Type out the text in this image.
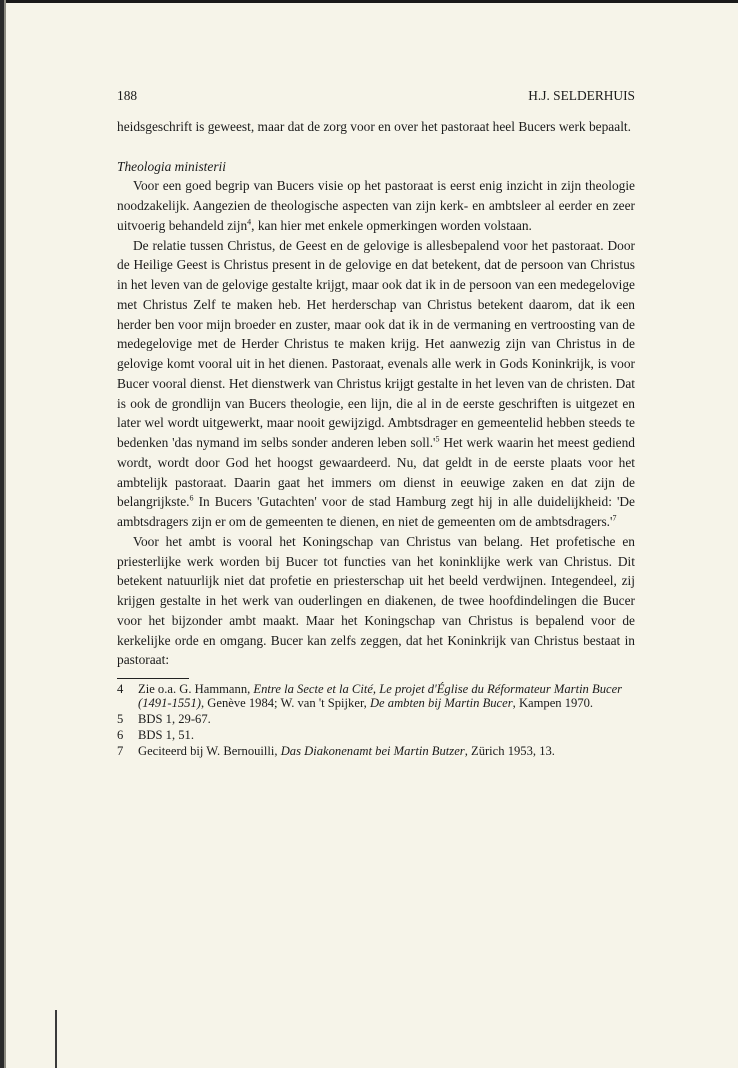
188	H.J. SELDERHUIS

heidsgeschrift is geweest, maar dat de zorg voor en over het pastoraat heel Bucers werk bepaalt.

Theologia ministerii

Voor een goed begrip van Bucers visie op het pastoraat is eerst enig inzicht in zijn theologie noodzakelijk. Aangezien de theologische aspecten van zijn kerk- en ambtsleer al eerder en zeer uitvoerig behandeld zijn$^4$, kan hier met enkele opmerkingen worden volstaan.

De relatie tussen Christus, de Geest en de gelovige is allesbepalend voor het pastoraat. Door de Heilige Geest is Christus present in de gelovige en dat betekent, dat de persoon van Christus in het leven van de gelovige gestalte krijgt, maar ook dat ik in de persoon van een medegelovige met Christus Zelf te maken heb. Het herderschap van Christus betekent daarom, dat ik een herder ben voor mijn broeder en zuster, maar ook dat ik in de vermaning en vertroosting van de medegelovige met de Herder Christus te maken krijg. Het aanwezig zijn van Christus in de gelovige komt vooral uit in het dienen. Pastoraat, evenals alle werk in Gods Koninkrijk, is voor Bucer vooral dienst. Het dienstwerk van Christus krijgt gestalte in het leven van de christen. Dat is ook de grondlijn van Bucers theologie, een lijn, die al in de eerste geschriften is uitgezet en later wel wordt uitgewerkt, maar nooit gewijzigd. Ambtsdrager en gemeentelid hebben steeds te bedenken 'das nymand im selbs sonder anderen leben $soll.'^5$ Het werk waarin het meest gediend wordt, wordt door God het hoogst gewaardeerd. Nu, dat geldt in de eerste plaats voor het ambtelijk pastoraat. Daarin gaat het immers om dienst in eeuwige zaken en dat zijn de belangrijkste.$^6$ In Bucers 'Gutachten' voor de stad Hamburg zegt hij in alle duidelijkheid: 'De ambtsdragers zijn er om de gemeenten te dienen, en niet de gemeenten om de $ambtsdragers.'^7$

Voor het ambt is vooral het Koningschap van Christus van belang. Het profetische en priesterlijke werk worden bij Bucer tot functies van het koninklijke werk van Christus. Dit betekent natuurlijk niet dat profetie en priesterschap uit het beeld verdwijnen. Integendeel, zij krijgen gestalte in het werk van ouderlingen en diakenen, de twee hoofdindelingen die Bucer voor het bijzonder ambt maakt. Maar het Koningschap van Christus is bepalend voor de kerkelijke orde en omgang. Bucer kan zelfs zeggen, dat het Koninkrijk van Christus bestaat in pastoraat:

4	Zie o.a. G. Hammann, Entre la Secte et la Cité, Le projet d'Église du Réformateur Martin Bucer (1491-1551), Genève 1984; W. van 't Spijker, De ambten bij Martin Bucer, Kampen 1970.
5	BDS 1, 29-67.
6	BDS 1, 51.
7	Geciteerd bij W. Bernouilli, Das Diakonenamt bei Martin Butzer, Zürich 1953, 13.
